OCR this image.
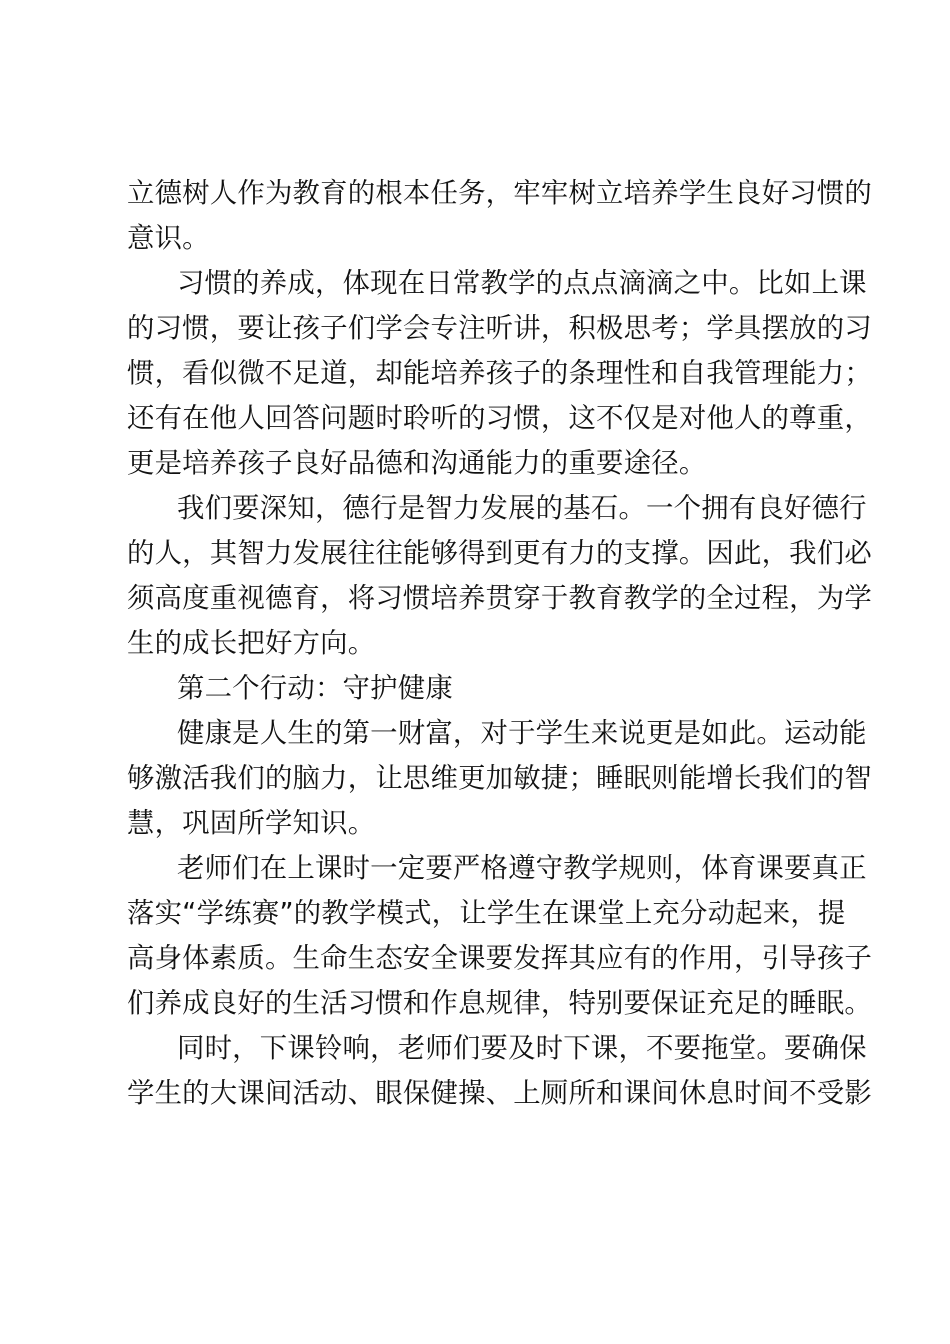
立德树人作为教育的根本任务，牢牢树立培养学生良好习惯的
意识。
习惯的养成，体现在日常教学的点点滴滴之中。比如上课
的习惯，要让孩子们学会专注听讲，积极思考；学具摆放的习
惯，看似微不足道，却能培养孩子的条理性和自我管理能力；
还有在他人回答问题时聆听的习惯，这不仅是对他人的尊重，
更是培养孩子良好品德和沟通能力的重要途径。
我们要深知，德行是智力发展的基石。一个拥有良好德行
的人，其智力发展往往能够得到更有力的支撑。因此，我们必
须高度重视德育，将习惯培养贯穿于教育教学的全过程，为学
生的成长把好方向。
第二个行动：守护健康
健康是人生的第一财富，对于学生来说更是如此。运动能
够激活我们的脑力，让思维更加敏捷；睡眠则能增长我们的智
慧，巩固所学知识。
老师们在上课时一定要严格遵守教学规则，体育课要真正
落实“学练赛”的教学模式，让学生在课堂上充分动起来，提
高身体素质。生命生态安全课要发挥其应有的作用，引导孩子
们养成良好的生活习惯和作息规律，特别要保证充足的睡眠。
同时，下课铃响，老师们要及时下课，不要拖堂。要确保
学生的大课间活动、眼保健操、上厕所和课间休息时间不受影
